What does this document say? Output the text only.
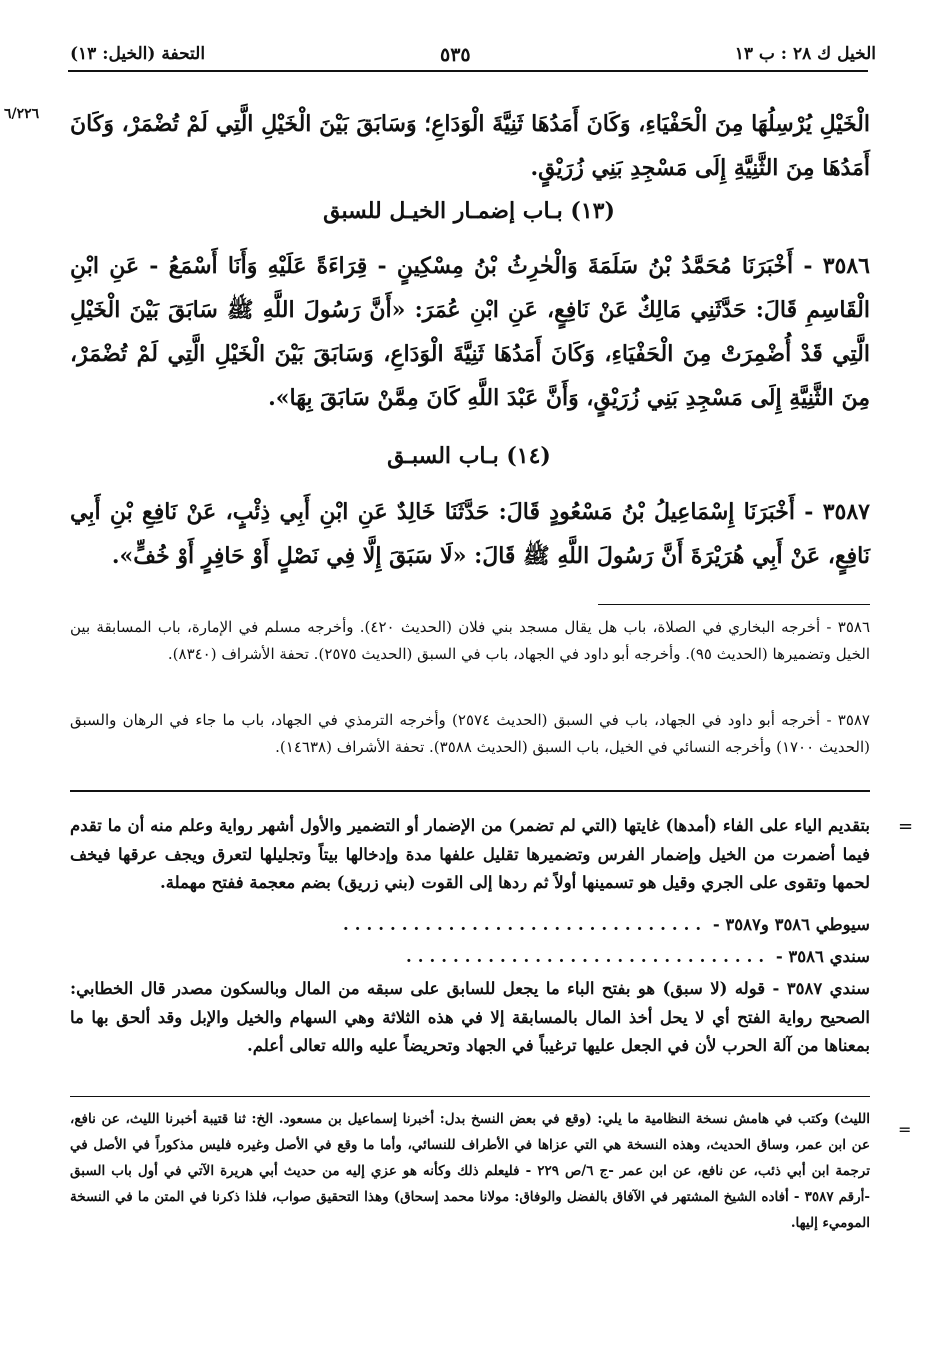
الخيل ك ٢٨ : ب ١٣
٥٣٥
التحفة (الخيل: ١٣)
٦/٢٢٦ الْخَيْلِ يُرْسِلُهَا مِنَ الْحَفْيَاءِ، وَكَانَ أَمَدُهَا ثَنِيَّةَ الْوَدَاعِ؛ وَسَابَقَ بَيْنَ الْخَيْلِ الَّتِي لَمْ تُضْمَرْ، وَكَانَ أَمَدُهَا مِنَ الثَّنِيَّةِ إِلَى مَسْجِدِ بَنِي زُرَيْقٍ.
(١٣) بـاب إضمـار الخيـل للسبق
٣٥٨٦ - أَخْبَرَنَا مُحَمَّدُ بْنُ سَلَمَةَ وَالْحٰرِثُ بْنُ مِسْكِينٍ - قِرَاءَةً عَلَيْهِ وَأَنَا أَسْمَعُ - عَنِ ابْنِ الْقَاسِمِ قَالَ: حَدَّثَنِي مَالِكٌ عَنْ نَافِعٍ، عَنِ ابْنِ عُمَرَ: «أَنَّ رَسُولَ اللَّهِ ﷺ سَابَقَ بَيْنَ الْخَيْلِ الَّتِي قَدْ أُضْمِرَتْ مِنَ الْحَفْيَاءِ، وَكَانَ أَمَدُهَا ثَنِيَّةَ الْوَدَاعِ، وَسَابَقَ بَيْنَ الْخَيْلِ الَّتِي لَمْ تُضْمَرْ، مِنَ الثَّنِيَّةِ إِلَى مَسْجِدِ بَنِي زُرَيْقٍ، وَأَنَّ عَبْدَ اللَّهِ كَانَ مِمَّنْ سَابَقَ بِهَا».
(١٤) بـاب السبـق
٣٥٨٧ - أَخْبَرَنَا إِسْمَاعِيلُ بْنُ مَسْعُودٍ قَالَ: حَدَّثَنَا خَالِدٌ عَنِ ابْنِ أَبِي ذِئْبٍ، عَنْ نَافِعِ بْنِ أَبِي نَافِعٍ، عَنْ أَبِي هُرَيْرَةَ أَنَّ رَسُولَ اللَّهِ ﷺ قَالَ: «لَا سَبَقَ إِلَّا فِي نَصْلٍ أَوْ حَافِرٍ أَوْ خُفٍّ».
٣٥٨٦ - أخرجه البخاري في الصلاة، باب هل يقال مسجد بني فلان (الحديث ٤٢٠). وأخرجه مسلم في الإمارة، باب المسابقة بين الخيل وتضميرها (الحديث ٩٥). وأخرجه أبو داود في الجهاد، باب في السبق (الحديث ٢٥٧٥). تحفة الأشراف (٨٣٤٠).
٣٥٨٧ - أخرجه أبو داود في الجهاد، باب في السبق (الحديث ٢٥٧٤) وأخرجه الترمذي في الجهاد، باب ما جاء في الرهان والسبق (الحديث ١٧٠٠) وأخرجه النسائي في الخيل، باب السبق (الحديث ٣٥٨٨). تحفة الأشراف (١٤٦٣٨).
=
بتقديم الياء على الفاء (أمدها) غايتها (التي لم تضمر) من الإضمار أو التضمير والأول أشهر رواية وعلم منه أن ما تقدم فيما أضمرت من الخيل وإضمار الفرس وتضميرها تقليل علفها مدة وإدخالها بيتاً وتجليلها لتعرق ويجف عرقها فيخف لحمها وتقوى على الجري وقيل هو تسمينها أولاً ثم ردها إلى القوت (بني زريق) بضم معجمة ففتح مهملة.
سيوطي ٣٥٨٦ و٣٥٨٧ - ...............................
سندي ٣٥٨٦ - ...............................
سندي ٣٥٨٧ - قوله (لا سبق) هو بفتح الباء ما يجعل للسابق على سبقه من المال وبالسكون مصدر قال الخطابي: الصحيح رواية الفتح أي لا يحل أخذ المال بالمسابقة إلا في هذه الثلاثة وهي السهام والخيل والإبل وقد ألحق بها ما بمعناها من آلة الحرب لأن في الجعل عليها ترغيباً في الجهاد وتحريضاً عليه والله تعالى أعلم.
=
الليث) وكتب في هامش نسخة النظامية ما يلي: (وقع في بعض النسخ بدل: أخبرنا إسماعيل بن مسعود. الخ: ثنا قتيبة أخبرنا الليث، عن نافع، عن ابن عمر، وساق الحديث، وهذه النسخة هي التي عزاها في الأطراف للنسائي، وأما ما وقع في الأصل وغيره فليس مذكوراً في الأصل في ترجمة ابن أبي ذئب، عن نافع، عن ابن عمر -ج ٦/ص ٢٢٩ - فليعلم ذلك وكأنه هو عزي إليه من حديث أبي هريرة الآتي في أول باب السبق -أرقم ٣٥٨٧ - أفاده الشيخ المشتهر في الآفاق بالفضل والوفاق: مولانا محمد إسحاق) وهذا التحقيق صواب، فلذا ذكرنا في المتن ما في النسخة الموميء إليها.
